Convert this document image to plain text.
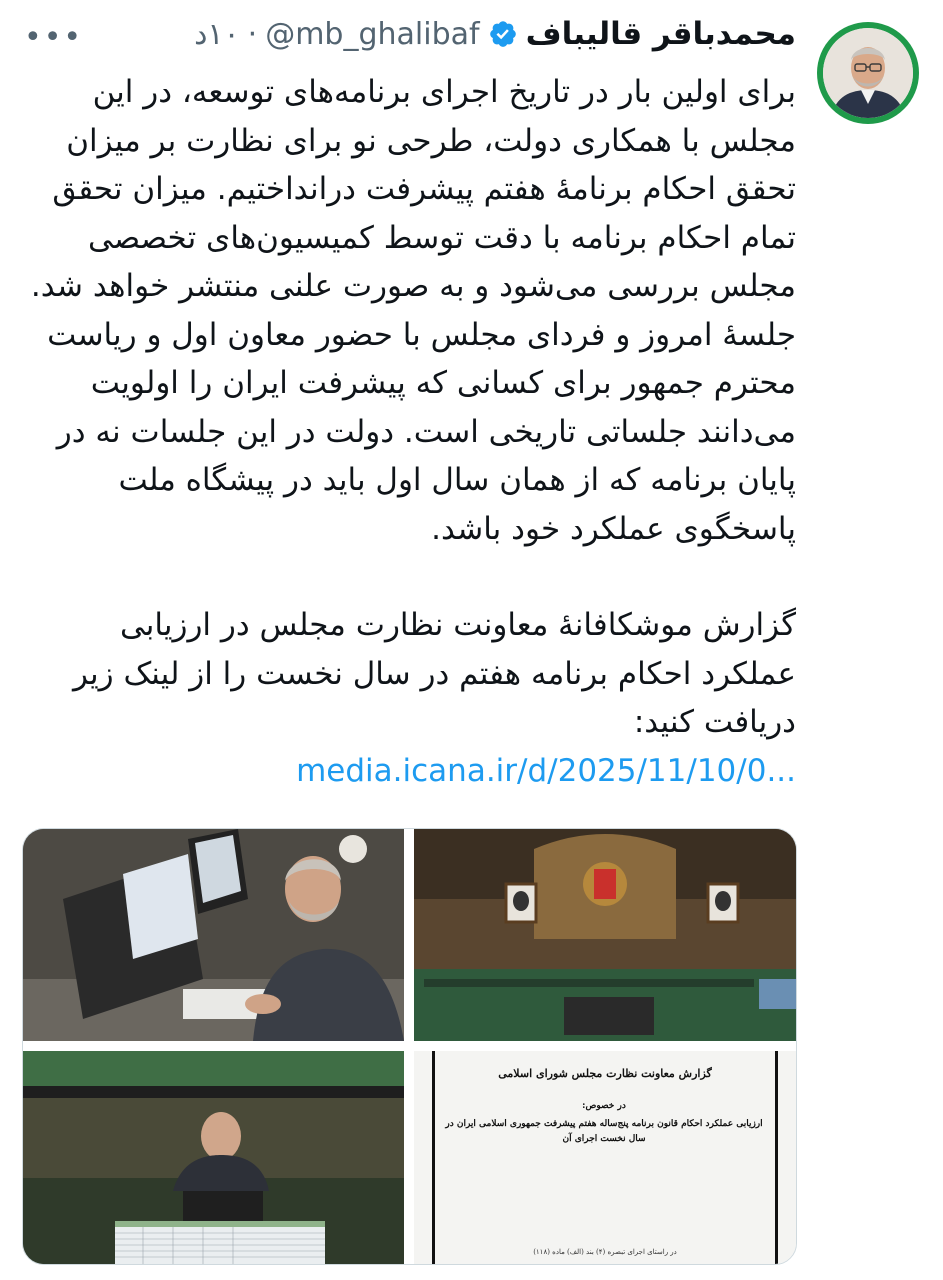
•••	محمدباقر قالیباف
@mb_ghalibaf
·
۱۰د

برای اولین بار در تاریخ اجرای برنامه‌های توسعه، در این مجلس با همکاری دولت، طرحی نو برای نظارت بر میزان تحقق احکام برنامهٔ هفتم پیشرفت درانداختیم. میزان تحقق تمام احکام برنامه با دقت توسط کمیسیون‌های تخصصی مجلس بررسی می‌شود و به صورت علنی منتشر خواهد شد.

جلسهٔ امروز و فردای مجلس با حضور معاون اول و ریاست محترم جمهور برای کسانی که پیشرفت ایران را اولویت می‌دانند جلساتی تاریخی است. دولت در این جلسات نه در پایان برنامه که از همان سال اول باید در پیشگاه ملت پاسخگوی عملکرد خود باشد.

گزارش موشکافانهٔ معاونت نظارت مجلس در ارزیابی عملکرد احکام برنامه هفتم در سال نخست را از لینک زیر دریافت کنید:

media.icana.ir/d/2025/11/10/0...

گزارش معاونت نظارت مجلس شورای اسلامی
در خصوص:
ارزیابی عملکرد احکام قانون برنامه پنج‌ساله هفتم پیشرفت جمهوری اسلامی ایران در
سال نخست اجرای آن
در راستای اجرای تبصره (۴) بند (الف) ماده (۱۱۸)
